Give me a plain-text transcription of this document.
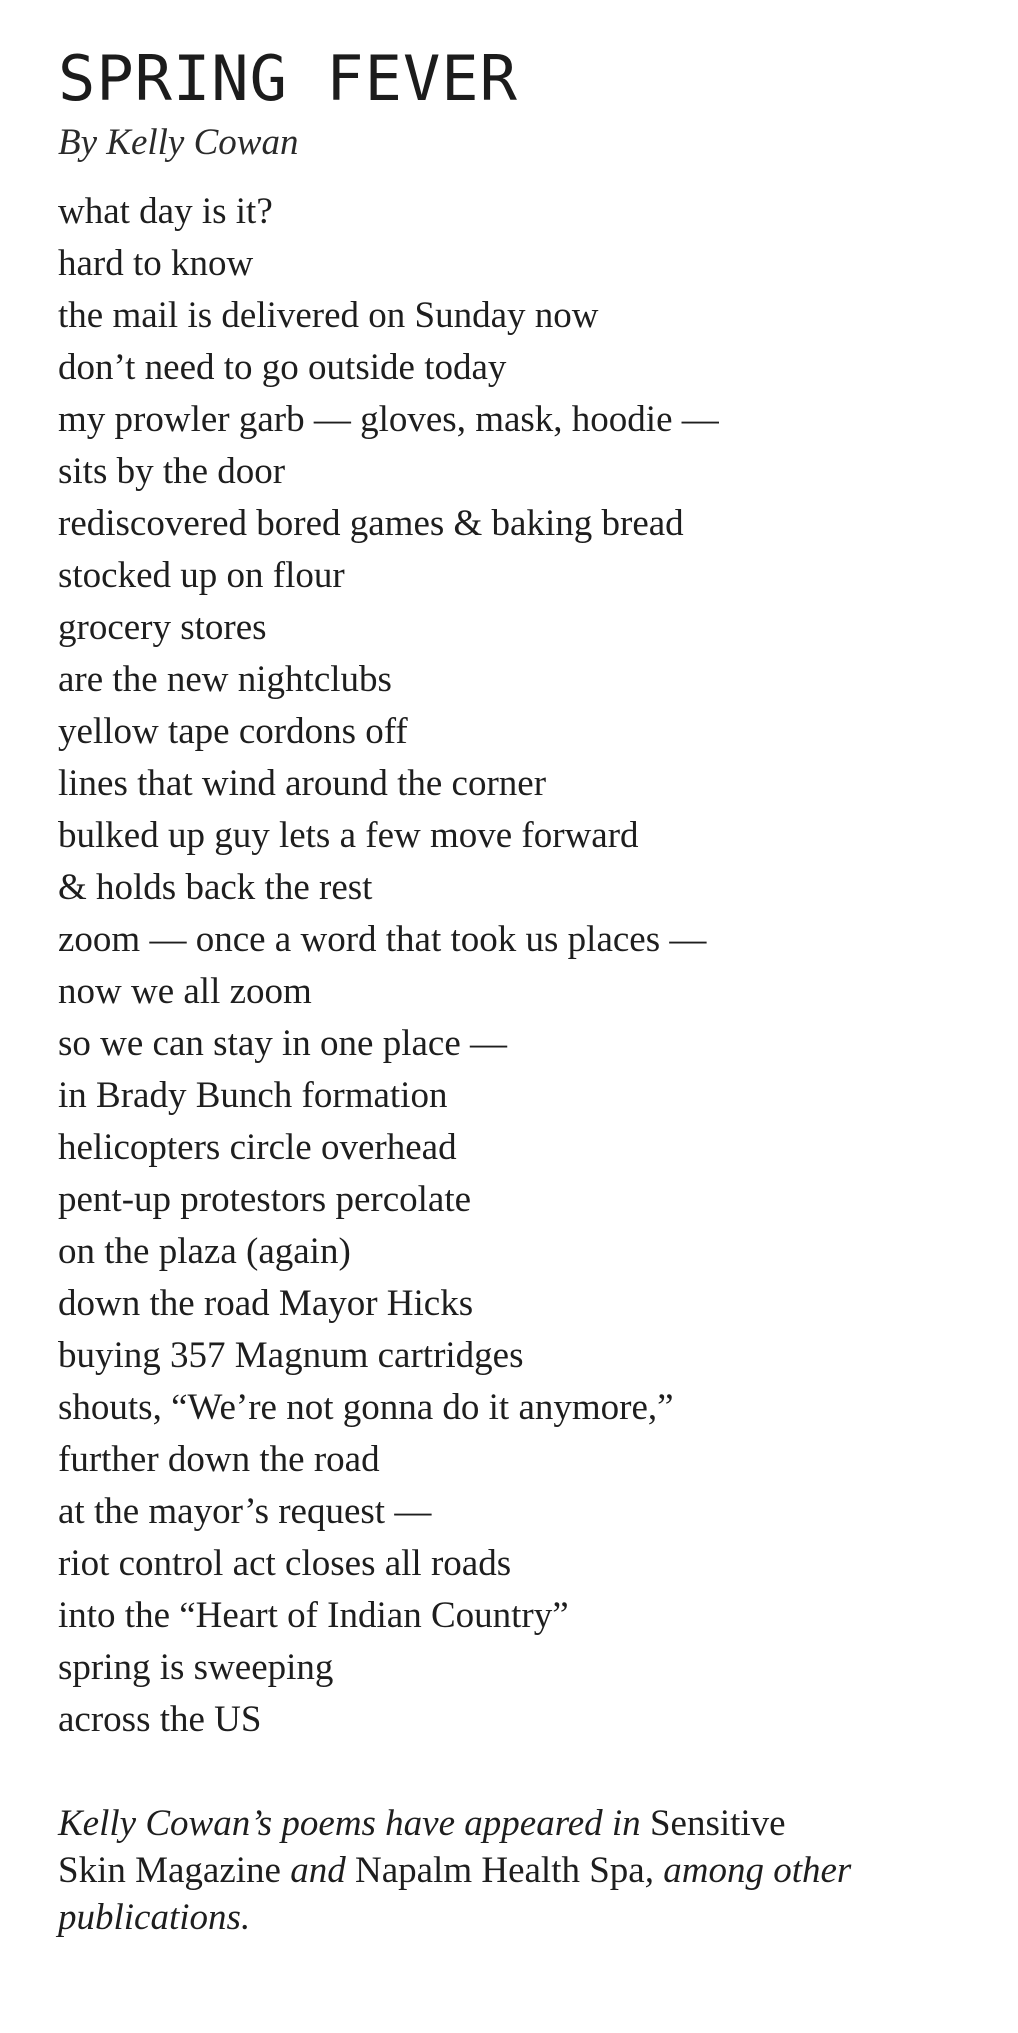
SPRING FEVER
By Kelly Cowan
what day is it?
hard to know
the mail is delivered on Sunday now
don’t need to go outside today
my prowler garb — gloves, mask, hoodie —
sits by the door
rediscovered bored games & baking bread
stocked up on flour
grocery stores
are the new nightclubs
yellow tape cordons off
lines that wind around the corner
bulked up guy lets a few move forward
& holds back the rest
zoom — once a word that took us places —
now we all zoom
so we can stay in one place —
in Brady Bunch formation
helicopters circle overhead
pent-up protestors percolate
on the plaza (again)
down the road Mayor Hicks
buying 357 Magnum cartridges
shouts, “We’re not gonna do it anymore,”
further down the road
at the mayor’s request —
riot control act closes all roads
into the “Heart of Indian Country”
spring is sweeping
across the US

Kelly Cowan’s poems have appeared in Sensitive Skin Magazine and Napalm Health Spa, among other publications.
